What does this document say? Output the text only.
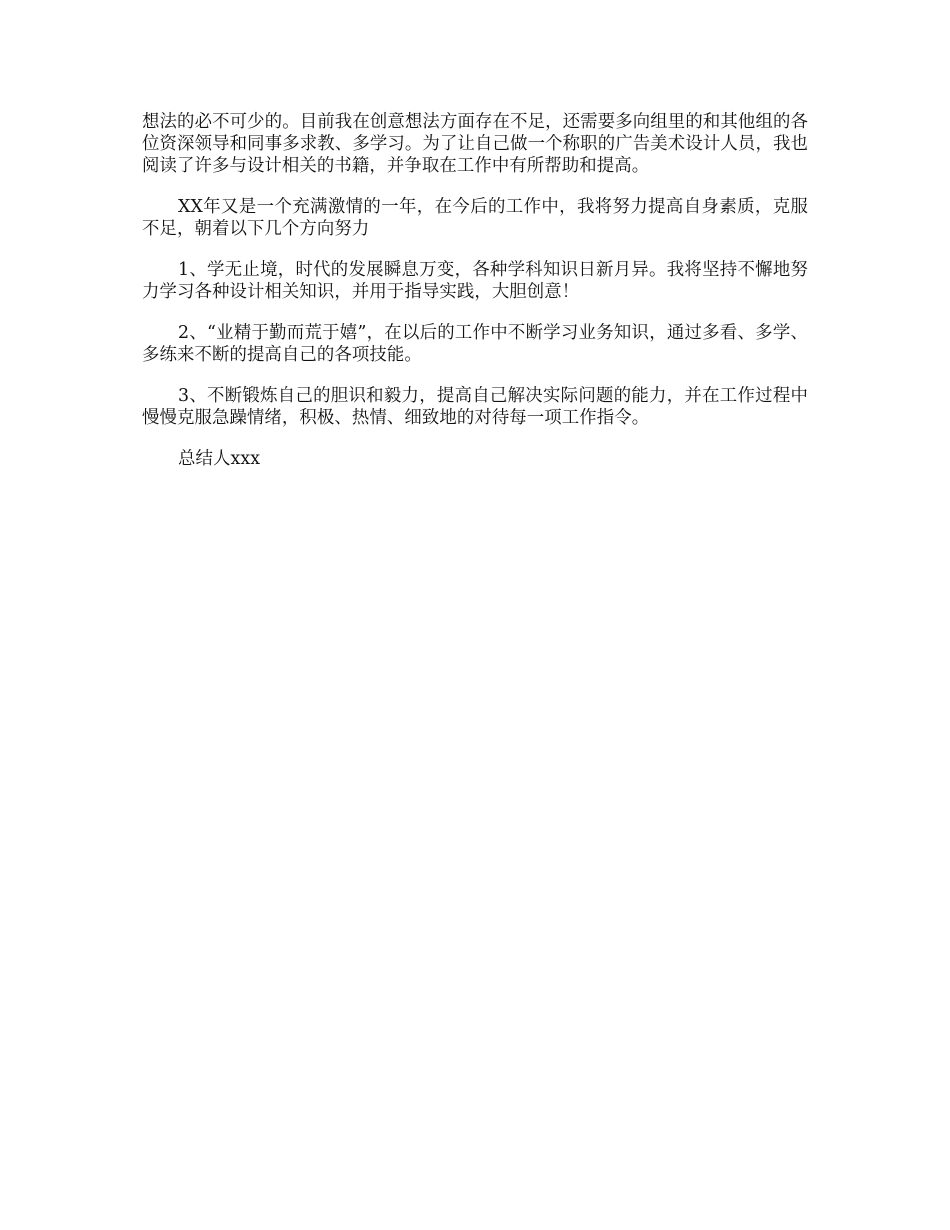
想法的必不可少的。目前我在创意想法方面存在不足，还需要多向组里的和其他组的各位资深领导和同事多求教、多学习。为了让自己做一个称职的广告美术设计人员，我也阅读了许多与设计相关的书籍，并争取在工作中有所帮助和提高。

XX年又是一个充满激情的一年，在今后的工作中，我将努力提高自身素质，克服不足，朝着以下几个方向努力

1、学无止境，时代的发展瞬息万变，各种学科知识日新月异。我将坚持不懈地努力学习各种设计相关知识，并用于指导实践，大胆创意！

2、“业精于勤而荒于嬉”，在以后的工作中不断学习业务知识，通过多看、多学、多练来不断的提高自己的各项技能。

3、不断锻炼自己的胆识和毅力，提高自己解决实际问题的能力，并在工作过程中慢慢克服急躁情绪，积极、热情、细致地的对待每一项工作指令。

总结人xxx
